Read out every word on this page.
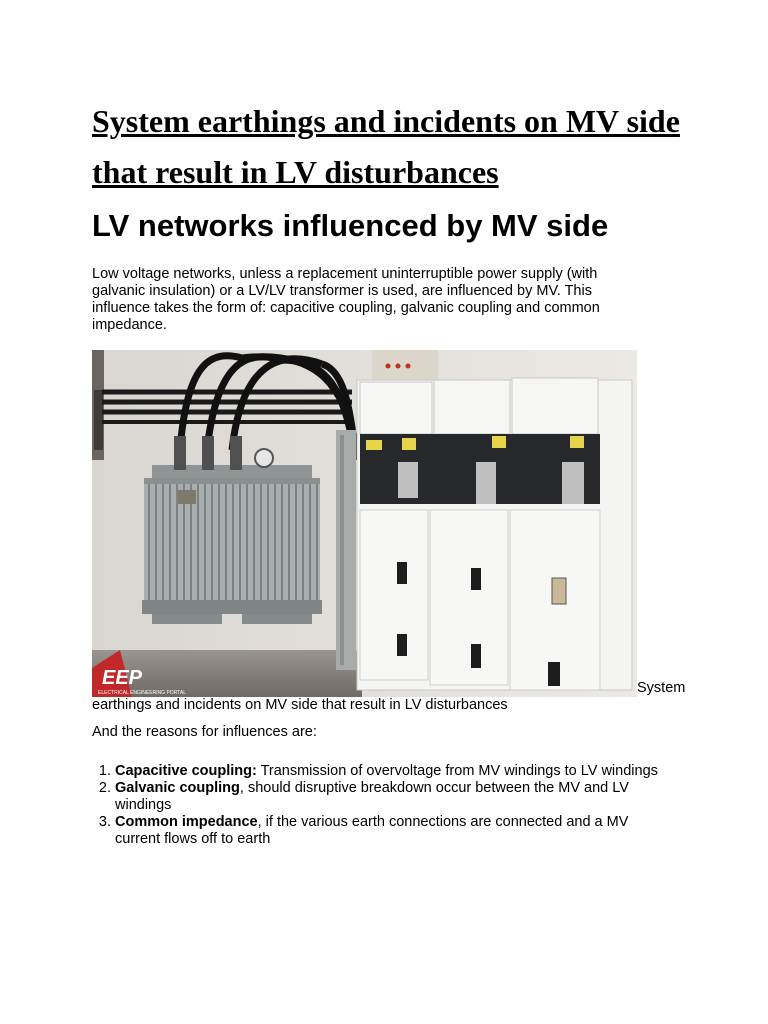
System earthings and incidents on MV side that result in LV disturbances
LV networks influenced by MV side

Low voltage networks, unless a replacement uninterruptible power supply (with galvanic insulation) or a LV/LV transformer is used, are influenced by MV. This influence takes the form of: capacitive coupling, galvanic coupling and common impedance.

EEP
ELECTRICAL ENGINEERING PORTAL	System earthings and incidents on MV side that result in LV disturbances

And the reasons for influences are:

1. Capacitive coupling: Transmission of overvoltage from MV windings to LV windings
2. Galvanic coupling, should disruptive breakdown occur between the MV and LV windings
3. Common impedance, if the various earth connections are connected and a MV current flows off to earth
